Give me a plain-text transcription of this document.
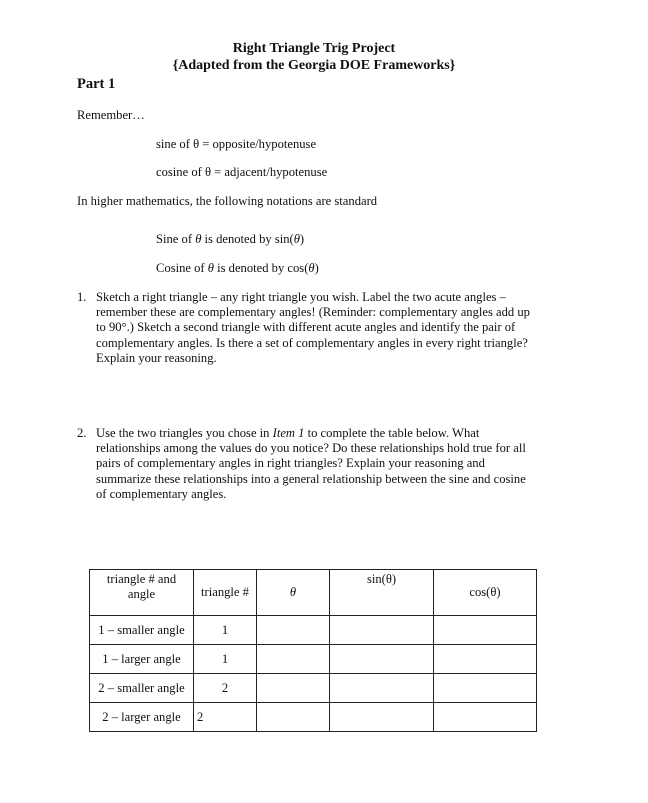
Right Triangle Trig Project
{Adapted from the Georgia DOE Frameworks}
Part 1
Remember…
sine of θ = opposite/hypotenuse
cosine of θ = adjacent/hypotenuse
In higher mathematics, the following notations are standard
Sine of θ is denoted by sin(θ)
Cosine of θ is denoted by cos(θ)
1. Sketch a right triangle – any right triangle you wish. Label the two acute angles –
remember these are complementary angles! (Reminder: complementary angles add up
to 90°.) Sketch a second triangle with different acute angles and identify the pair of
complementary angles. Is there a set of complementary angles in every right triangle?
Explain your reasoning.
2. Use the two triangles you chose in Item 1 to complete the table below. What
relationships among the values do you notice? Do these relationships hold true for all
pairs of complementary angles in right triangles? Explain your reasoning and
summarize these relationships into a general relationship between the sine and cosine
of complementary angles.
triangle # and
angle	triangle #	θ	sin(θ)	cos(θ)
1 – smaller angle	1			
1 – larger angle	1			
2 – smaller angle	2			
2 – larger angle	2			
